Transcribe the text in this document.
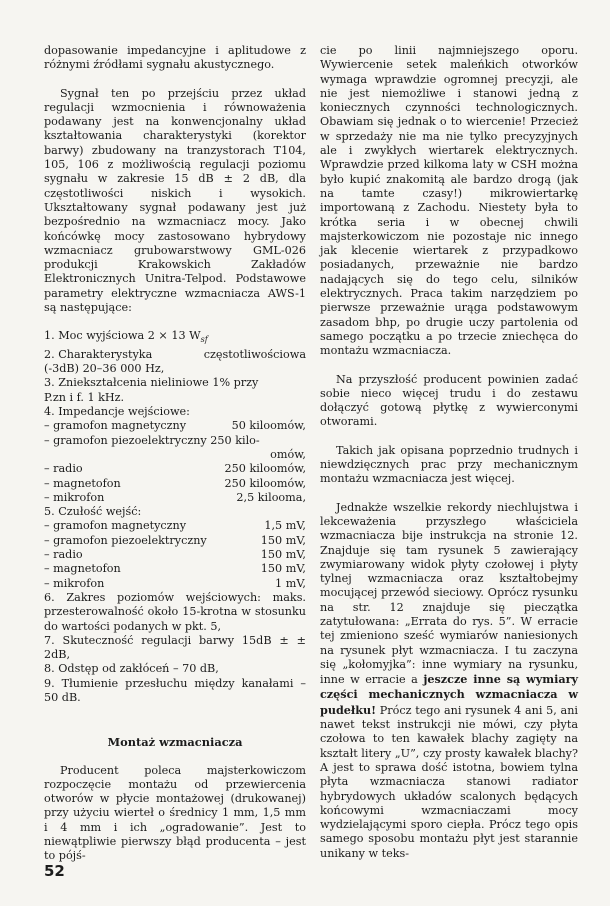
dopasowanie impedancyjne i aplitudowe z różnymi źródłami sygnału akustycznego.

Sygnał ten po przejściu przez układ regulacji wzmocnienia i równoważenia podawany jest na konwencjonalny układ kształtowania charakterystyki (korektor barwy) zbudowany na tranzystorach T104, 105, 106 z możliwością regulacji poziomu sygnału w zakresie 15 dB ± 2 dB, dla częstotliwości niskich i wysokich. Ukształtowany sygnał podawany jest już bezpośrednio na wzmacniacz mocy. Jako końcówkę mocy zastosowano hybrydowy wzmacniacz grubowarstwowy GML-026 produkcji Krakowskich Zakładów Elektronicznych Unitra-Telpod. Podstawowe parametry elektryczne wzmacniacza AWS-1 są następujące:

1. Moc wyjściowa 2 × 13 $W_{sf}$

2. Charakterystyka	częstotliwościowa

(-3dB) 20–36 000 Hz,

3. Zniekształcenia nieliniowe 1% przy P.zn i f. 1 kHz.

4. Impedancje wejściowe:

– gramofon magnetyczny	50 kiloomów,
– gramofon piezoelektryczny 250 kilo-
omów,
– radio	250 kiloomów,
– magnetofon	250 kiloomów,
– mikrofon	2,5 kilooma,

5. Czułość wejść:

– gramofon magnetyczny	1,5 mV,
– gramofon piezoelektryczny	150 mV,
– radio	150 mV,
– magnetofon	150 mV,
– mikrofon	1 mV,

6. Zakres poziomów wejściowych: maks. przesterowalność około 15-krotna w stosunku do wartości podanych w pkt. 5,

7. Skuteczność regulacji barwy 15dB ± ± 2dB,

8. Odstęp od zakłóceń – 70 dB,

9. Tłumienie przesłuchu między kanałami – 50 dB.

Montaż wzmacniacza

Producent poleca majsterkowiczom rozpoczęcie montażu od przewiercenia otworów w płycie montażowej (drukowanej) przy użyciu wierteł o średnicy 1 mm, 1,5 mm i 4 mm i ich „ogradowanie”. Jest to niewątpliwie pierwszy błąd producenta – jest to pójś-

cie po linii najmniejszego oporu. Wywiercenie setek maleńkich otworków wymaga wprawdzie ogromnej precyzji, ale nie jest niemożliwe i stanowi jedną z koniecznych czynności technologicznych. Obawiam się jednak o to wiercenie! Przecież w sprzedaży nie ma nie tylko precyzyjnych ale i zwykłych wiertarek elektrycznych. Wprawdzie przed kilkoma laty w CSH można było kupić znakomitą ale bardzo drogą (jak na tamte czasy!) mikrowiertarkę importowaną z Zachodu. Niestety była to krótka seria i w obecnej chwili majsterkowiczom nie pozostaje nic innego jak klecenie wiertarek z przypadkowo posiadanych, przeważnie nie bardzo nadających się do tego celu, silników elektrycznych. Praca takim narzędziem po pierwsze przeważnie urąga podstawowym zasadom bhp, po drugie uczy partolenia od samego początku a po trzecie zniechęca do montażu wzmacniacza.

Na przyszłość producent powinien zadać sobie nieco więcej trudu i do zestawu dołączyć gotową płytkę z wywierconymi otworami.

Takich jak opisana poprzednio trudnych i niewdzięcznych prac przy mechanicznym montażu wzmacniacza jest więcej.

Jednakże wszelkie rekordy niechlujstwa i lekceważenia przyszłego właściciela wzmacniacza bije instrukcja na stronie 12. Znajduje się tam rysunek 5 zawierający zwymiarowany widok płyty czołowej i płyty tylnej wzmacniacza oraz kształtobejmy mocującej przewód sieciowy. Oprócz rysunku na str. 12 znajduje się pieczątka zatytułowana: „Errata do rys. 5”. W erracie tej zmieniono sześć wymiarów naniesionych na rysunek płyt wzmacniacza. I tu zaczyna się „kołomyjka”: inne wymiary na rysunku, inne w erracie a jeszcze inne są wymiary części mechanicznych wzmacniacza w pudełku! Prócz tego ani rysunek 4 ani 5, ani nawet tekst instrukcji nie mówi, czy płyta czołowa to ten kawałek blachy zagięty na kształt litery „U”, czy prosty kawałek blachy? A jest to sprawa dość istotna, bowiem tylna płyta wzmacniacza stanowi radiator hybrydowych układów scalonych będących końcowymi wzmacniaczami mocy wydzielającymi sporo ciepła. Prócz tego opis samego sposobu montażu płyt jest starannie unikany w teks-

52
